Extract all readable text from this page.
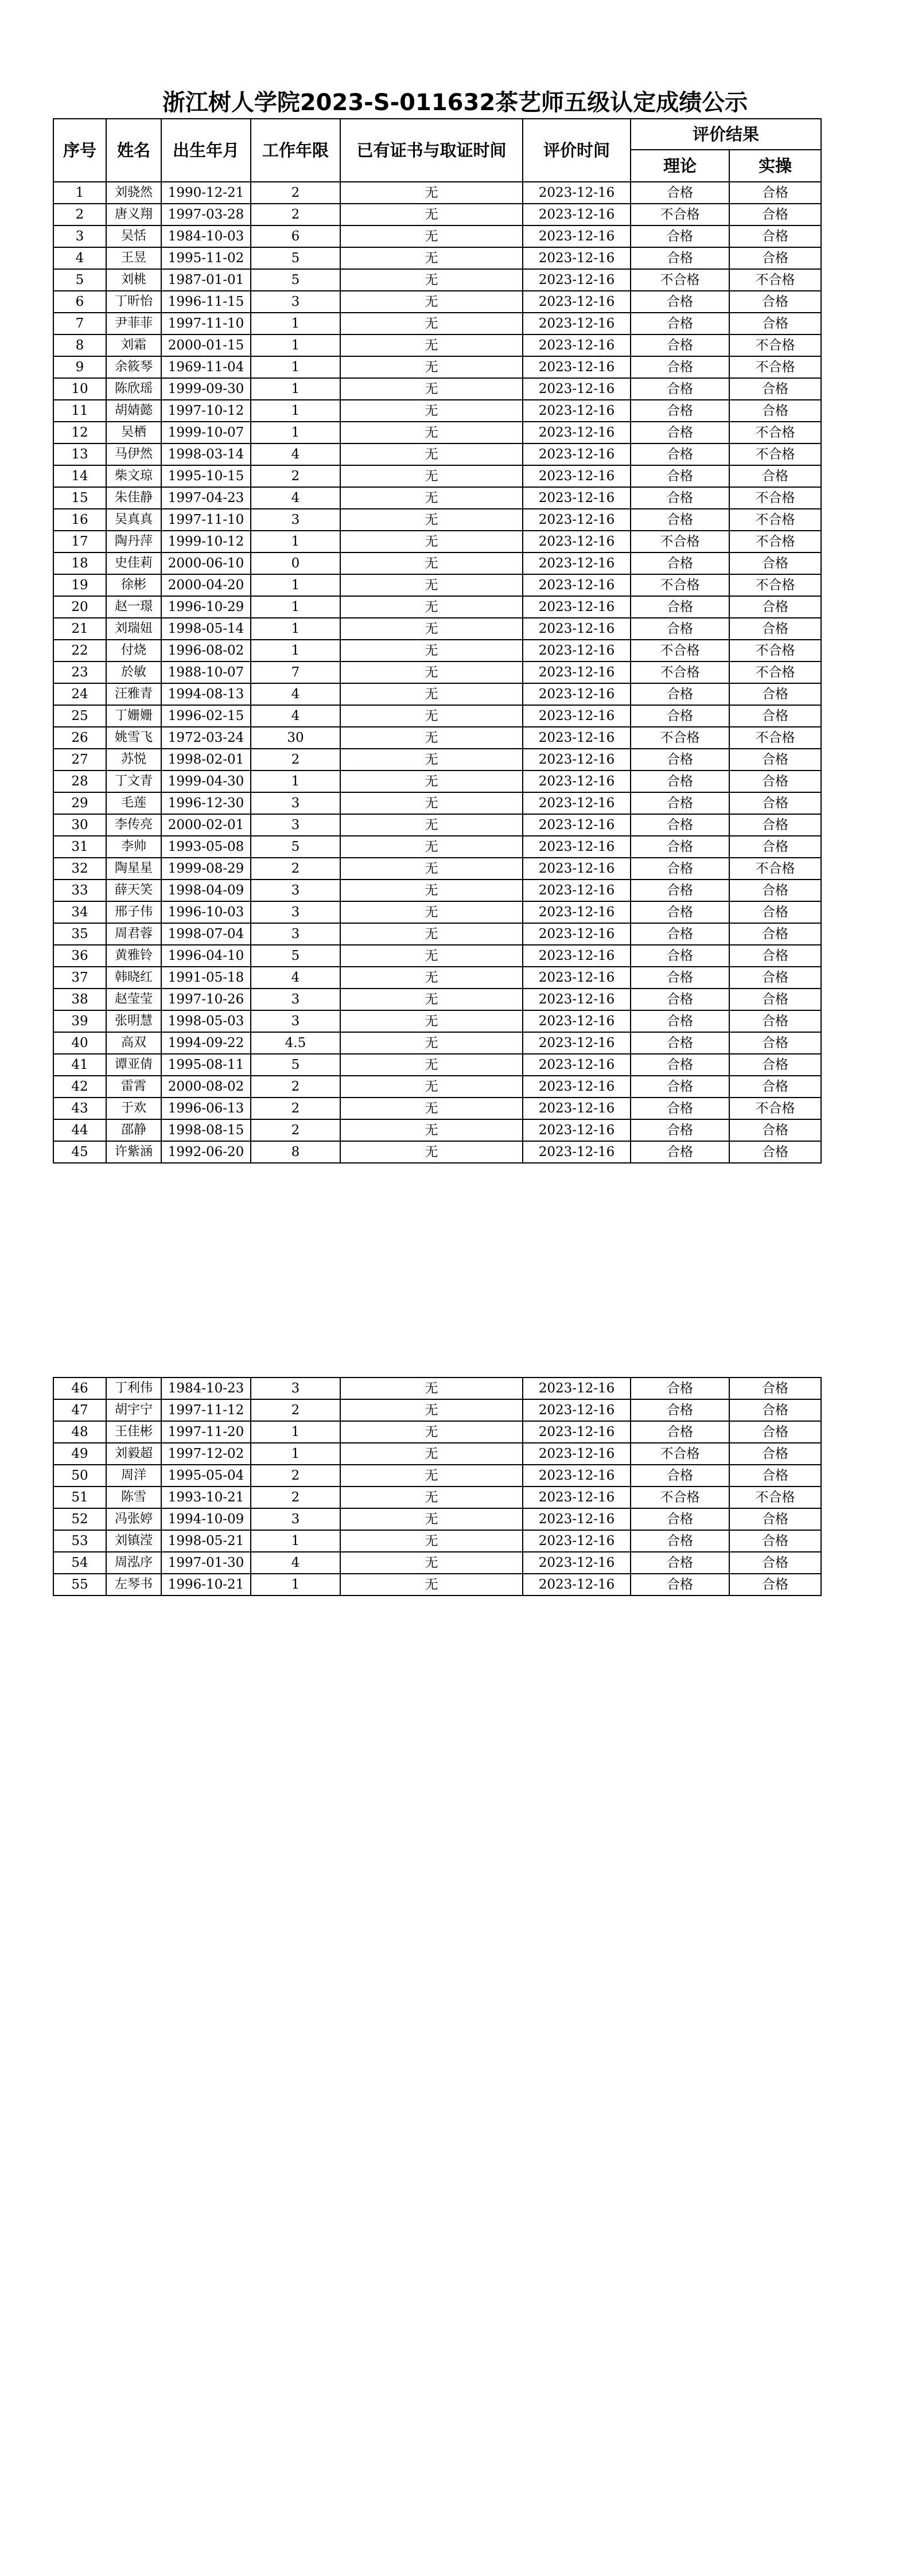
浙江树人学院2023-S-011632茶艺师五级认定成绩公示
序号	姓名	出生年月	工作年限	已有证书与取证时间	评价时间	评价结果	
						理论	实操
1	刘骁然	1990-12-21	2	无	2023-12-16	合格	合格
2	唐义翔	1997-03-28	2	无	2023-12-16	不合格	合格
3	吴恬	1984-10-03	6	无	2023-12-16	合格	合格
4	王昱	1995-11-02	5	无	2023-12-16	合格	合格
5	刘桃	1987-01-01	5	无	2023-12-16	不合格	不合格
6	丁昕怡	1996-11-15	3	无	2023-12-16	合格	合格
7	尹菲菲	1997-11-10	1	无	2023-12-16	合格	合格
8	刘霜	2000-01-15	1	无	2023-12-16	合格	不合格
9	余筱琴	1969-11-04	1	无	2023-12-16	合格	不合格
10	陈欣瑶	1999-09-30	1	无	2023-12-16	合格	合格
11	胡婧懿	1997-10-12	1	无	2023-12-16	合格	合格
12	吴栖	1999-10-07	1	无	2023-12-16	合格	不合格
13	马伊然	1998-03-14	4	无	2023-12-16	合格	不合格
14	柴文琼	1995-10-15	2	无	2023-12-16	合格	合格
15	朱佳静	1997-04-23	4	无	2023-12-16	合格	不合格
16	吴真真	1997-11-10	3	无	2023-12-16	合格	不合格
17	陶丹萍	1999-10-12	1	无	2023-12-16	不合格	不合格
18	史佳莉	2000-06-10	0	无	2023-12-16	合格	合格
19	徐彬	2000-04-20	1	无	2023-12-16	不合格	不合格
20	赵一璟	1996-10-29	1	无	2023-12-16	合格	合格
21	刘瑞妞	1998-05-14	1	无	2023-12-16	合格	合格
22	付烧	1996-08-02	1	无	2023-12-16	不合格	不合格
23	於敏	1988-10-07	7	无	2023-12-16	不合格	不合格
24	汪雅青	1994-08-13	4	无	2023-12-16	合格	合格
25	丁姗姗	1996-02-15	4	无	2023-12-16	合格	合格
26	姚雪飞	1972-03-24	30	无	2023-12-16	不合格	不合格
27	苏悦	1998-02-01	2	无	2023-12-16	合格	合格
28	丁文青	1999-04-30	1	无	2023-12-16	合格	合格
29	毛莲	1996-12-30	3	无	2023-12-16	合格	合格
30	李传亮	2000-02-01	3	无	2023-12-16	合格	合格
31	李帅	1993-05-08	5	无	2023-12-16	合格	合格
32	陶星星	1999-08-29	2	无	2023-12-16	合格	不合格
33	薛天笑	1998-04-09	3	无	2023-12-16	合格	合格
34	邢子伟	1996-10-03	3	无	2023-12-16	合格	合格
35	周君蓉	1998-07-04	3	无	2023-12-16	合格	合格
36	黄雅铃	1996-04-10	5	无	2023-12-16	合格	合格
37	韩晓红	1991-05-18	4	无	2023-12-16	合格	合格
38	赵莹莹	1997-10-26	3	无	2023-12-16	合格	合格
39	张明慧	1998-05-03	3	无	2023-12-16	合格	合格
40	高双	1994-09-22	4.5	无	2023-12-16	合格	合格
41	谭亚倩	1995-08-11	5	无	2023-12-16	合格	合格
42	雷霄	2000-08-02	2	无	2023-12-16	合格	合格
43	于欢	1996-06-13	2	无	2023-12-16	合格	不合格
44	邵静	1998-08-15	2	无	2023-12-16	合格	合格
45	许紫涵	1992-06-20	8	无	2023-12-16	合格	合格
46	丁利伟	1984-10-23	3	无	2023-12-16	合格	合格
47	胡宇宁	1997-11-12	2	无	2023-12-16	合格	合格
48	王佳彬	1997-11-20	1	无	2023-12-16	合格	合格
49	刘毅超	1997-12-02	1	无	2023-12-16	不合格	合格
50	周洋	1995-05-04	2	无	2023-12-16	合格	合格
51	陈雪	1993-10-21	2	无	2023-12-16	不合格	不合格
52	冯张婷	1994-10-09	3	无	2023-12-16	合格	合格
53	刘镇滢	1998-05-21	1	无	2023-12-16	合格	合格
54	周泓序	1997-01-30	4	无	2023-12-16	合格	合格
55	左琴书	1996-10-21	1	无	2023-12-16	合格	合格
